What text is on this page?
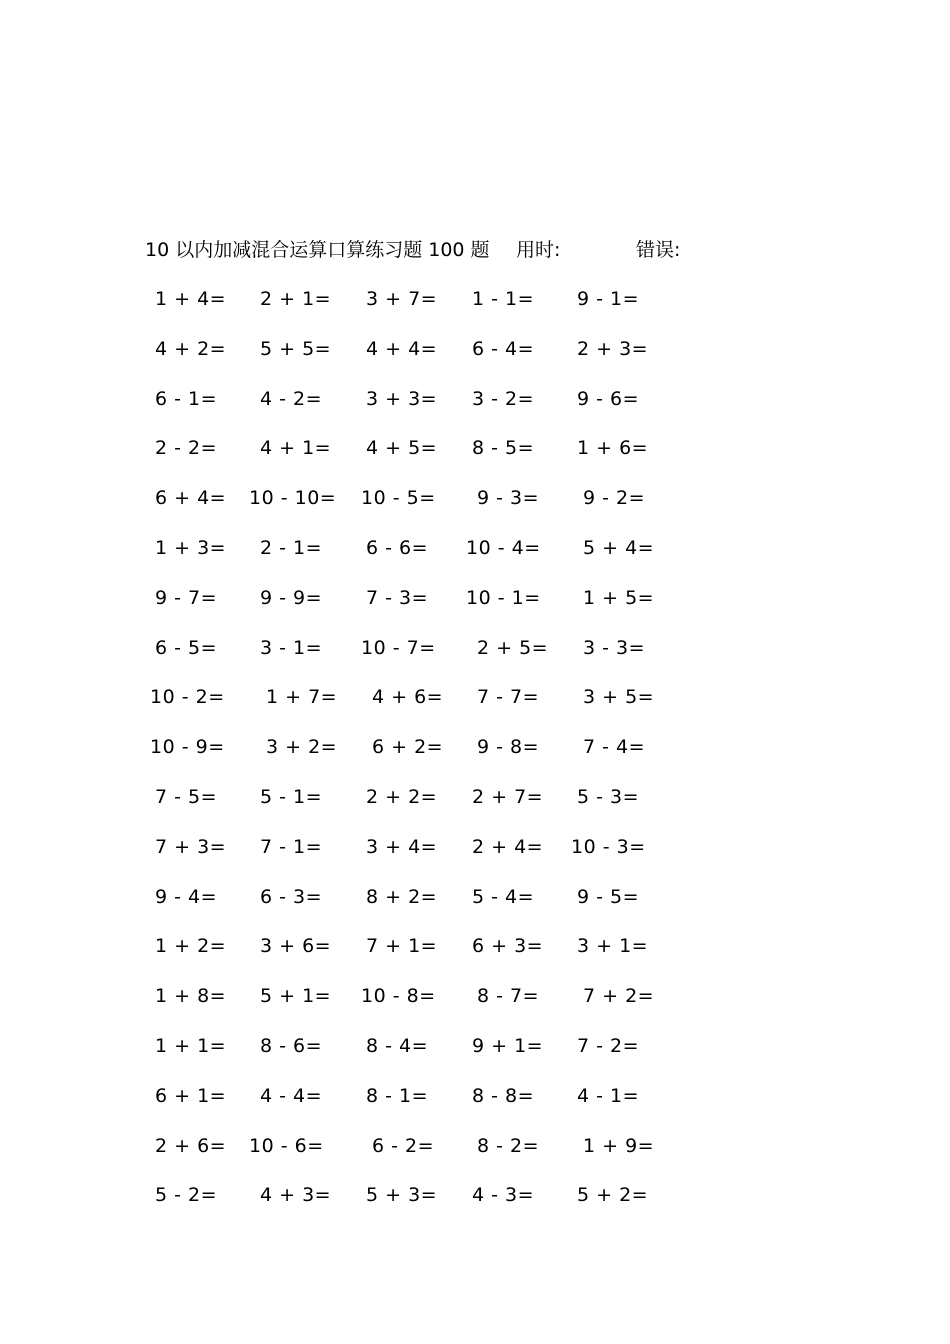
10 以内加减混合运算口算练习题 100 题 用时:	错误:
1 + 4= 2 + 1= 3 + 7= 1 - 1= 9 - 1=
4 + 2= 5 + 5= 4 + 4= 6 - 4= 2 + 3=
6 - 1= 4 - 2= 3 + 3= 3 - 2= 9 - 6=
2 - 2= 4 + 1= 4 + 5= 8 - 5= 1 + 6=
6 + 4= 10 - 10= 10 - 5= 9 - 3= 9 - 2=
1 + 3= 2 - 1= 6 - 6= 10 - 4= 5 + 4=
9 - 7= 9 - 9= 7 - 3= 10 - 1= 1 + 5=
6 - 5= 3 - 1= 10 - 7= 2 + 5= 3 - 3=
10 - 2= 1 + 7= 4 + 6= 7 - 7= 3 + 5=
10 - 9= 3 + 2= 6 + 2= 9 - 8= 7 - 4=
7 - 5= 5 - 1= 2 + 2= 2 + 7= 5 - 3=
7 + 3= 7 - 1= 3 + 4= 2 + 4= 10 - 3=
9 - 4= 6 - 3= 8 + 2= 5 - 4= 9 - 5=
1 + 2= 3 + 6= 7 + 1= 6 + 3= 3 + 1=
1 + 8= 5 + 1= 10 - 8= 8 - 7= 7 + 2=
1 + 1= 8 - 6= 8 - 4= 9 + 1= 7 - 2=
6 + 1= 4 - 4= 8 - 1= 8 - 8= 4 - 1=
2 + 6= 10 - 6=	6 - 2= 8 - 2= 1 + 9=
5 - 2= 4 + 3= 5 + 3= 4 - 3= 5 + 2=
